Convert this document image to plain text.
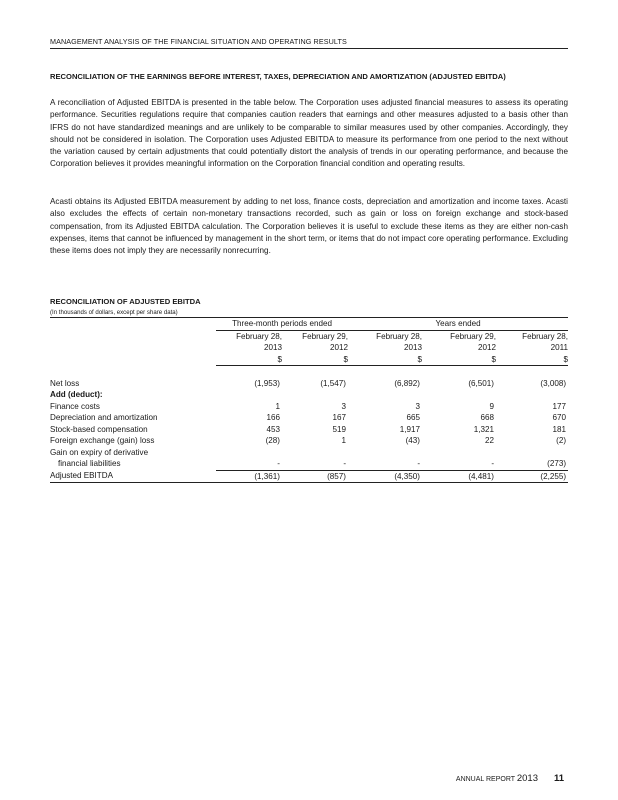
MANAGEMENT ANALYSIS OF THE FINANCIAL SITUATION AND OPERATING RESULTS
RECONCILIATION OF THE EARNINGS BEFORE INTEREST, TAXES, DEPRECIATION AND AMORTIZATION (ADJUSTED EBITDA)
A reconciliation of Adjusted EBITDA is presented in the table below. The Corporation uses adjusted financial measures to assess its operating performance. Securities regulations require that companies caution readers that earnings and other measures adjusted to a basis other than IFRS do not have standardized meanings and are unlikely to be comparable to similar measures used by other companies. Accordingly, they should not be considered in isolation. The Corporation uses Adjusted EBITDA to measure its performance from one period to the next without the variation caused by certain adjustments that could potentially distort the analysis of trends in our operating performance, and because the Corporation believes it provides meaningful information on the Corporation financial condition and operating results.
Acasti obtains its Adjusted EBITDA measurement by adding to net loss, finance costs, depreciation and amortization and income taxes. Acasti also excludes the effects of certain non-monetary transactions recorded, such as gain or loss on foreign exchange and stock-based compensation, from its Adjusted EBITDA calculation. The Corporation believes it is useful to exclude these items as they are either non-cash expenses, items that cannot be influenced by management in the short term, or items that do not impact core operating performance. Excluding these items does not imply they are necessarily nonrecurring.
RECONCILIATION OF ADJUSTED EBITDA
(In thousands of dollars, except per share data)
	Three-month periods ended		Years ended		
	February 28,	February 29,	February 28,	February 29,	February 28,
	2013	2012	2013	2012	2011
	$	$	$	$	$

Net loss	(1,953)	(1,547)	(6,892)	(6,501)	(3,008)
Add (deduct):					
Finance costs	1	3	3	9	177
Depreciation and amortization	166	167	665	668	670
Stock-based compensation	453	519	1,917	1,321	181
Foreign exchange (gain) loss	(28)	1	(43)	22	(2)
Gain on expiry of derivative					
financial liabilities	-	-	-	-	(273)
Adjusted EBITDA	(1,361)	(857)	(4,350)	(4,481)	(2,255)
ANNUAL REPORT 2013 11
